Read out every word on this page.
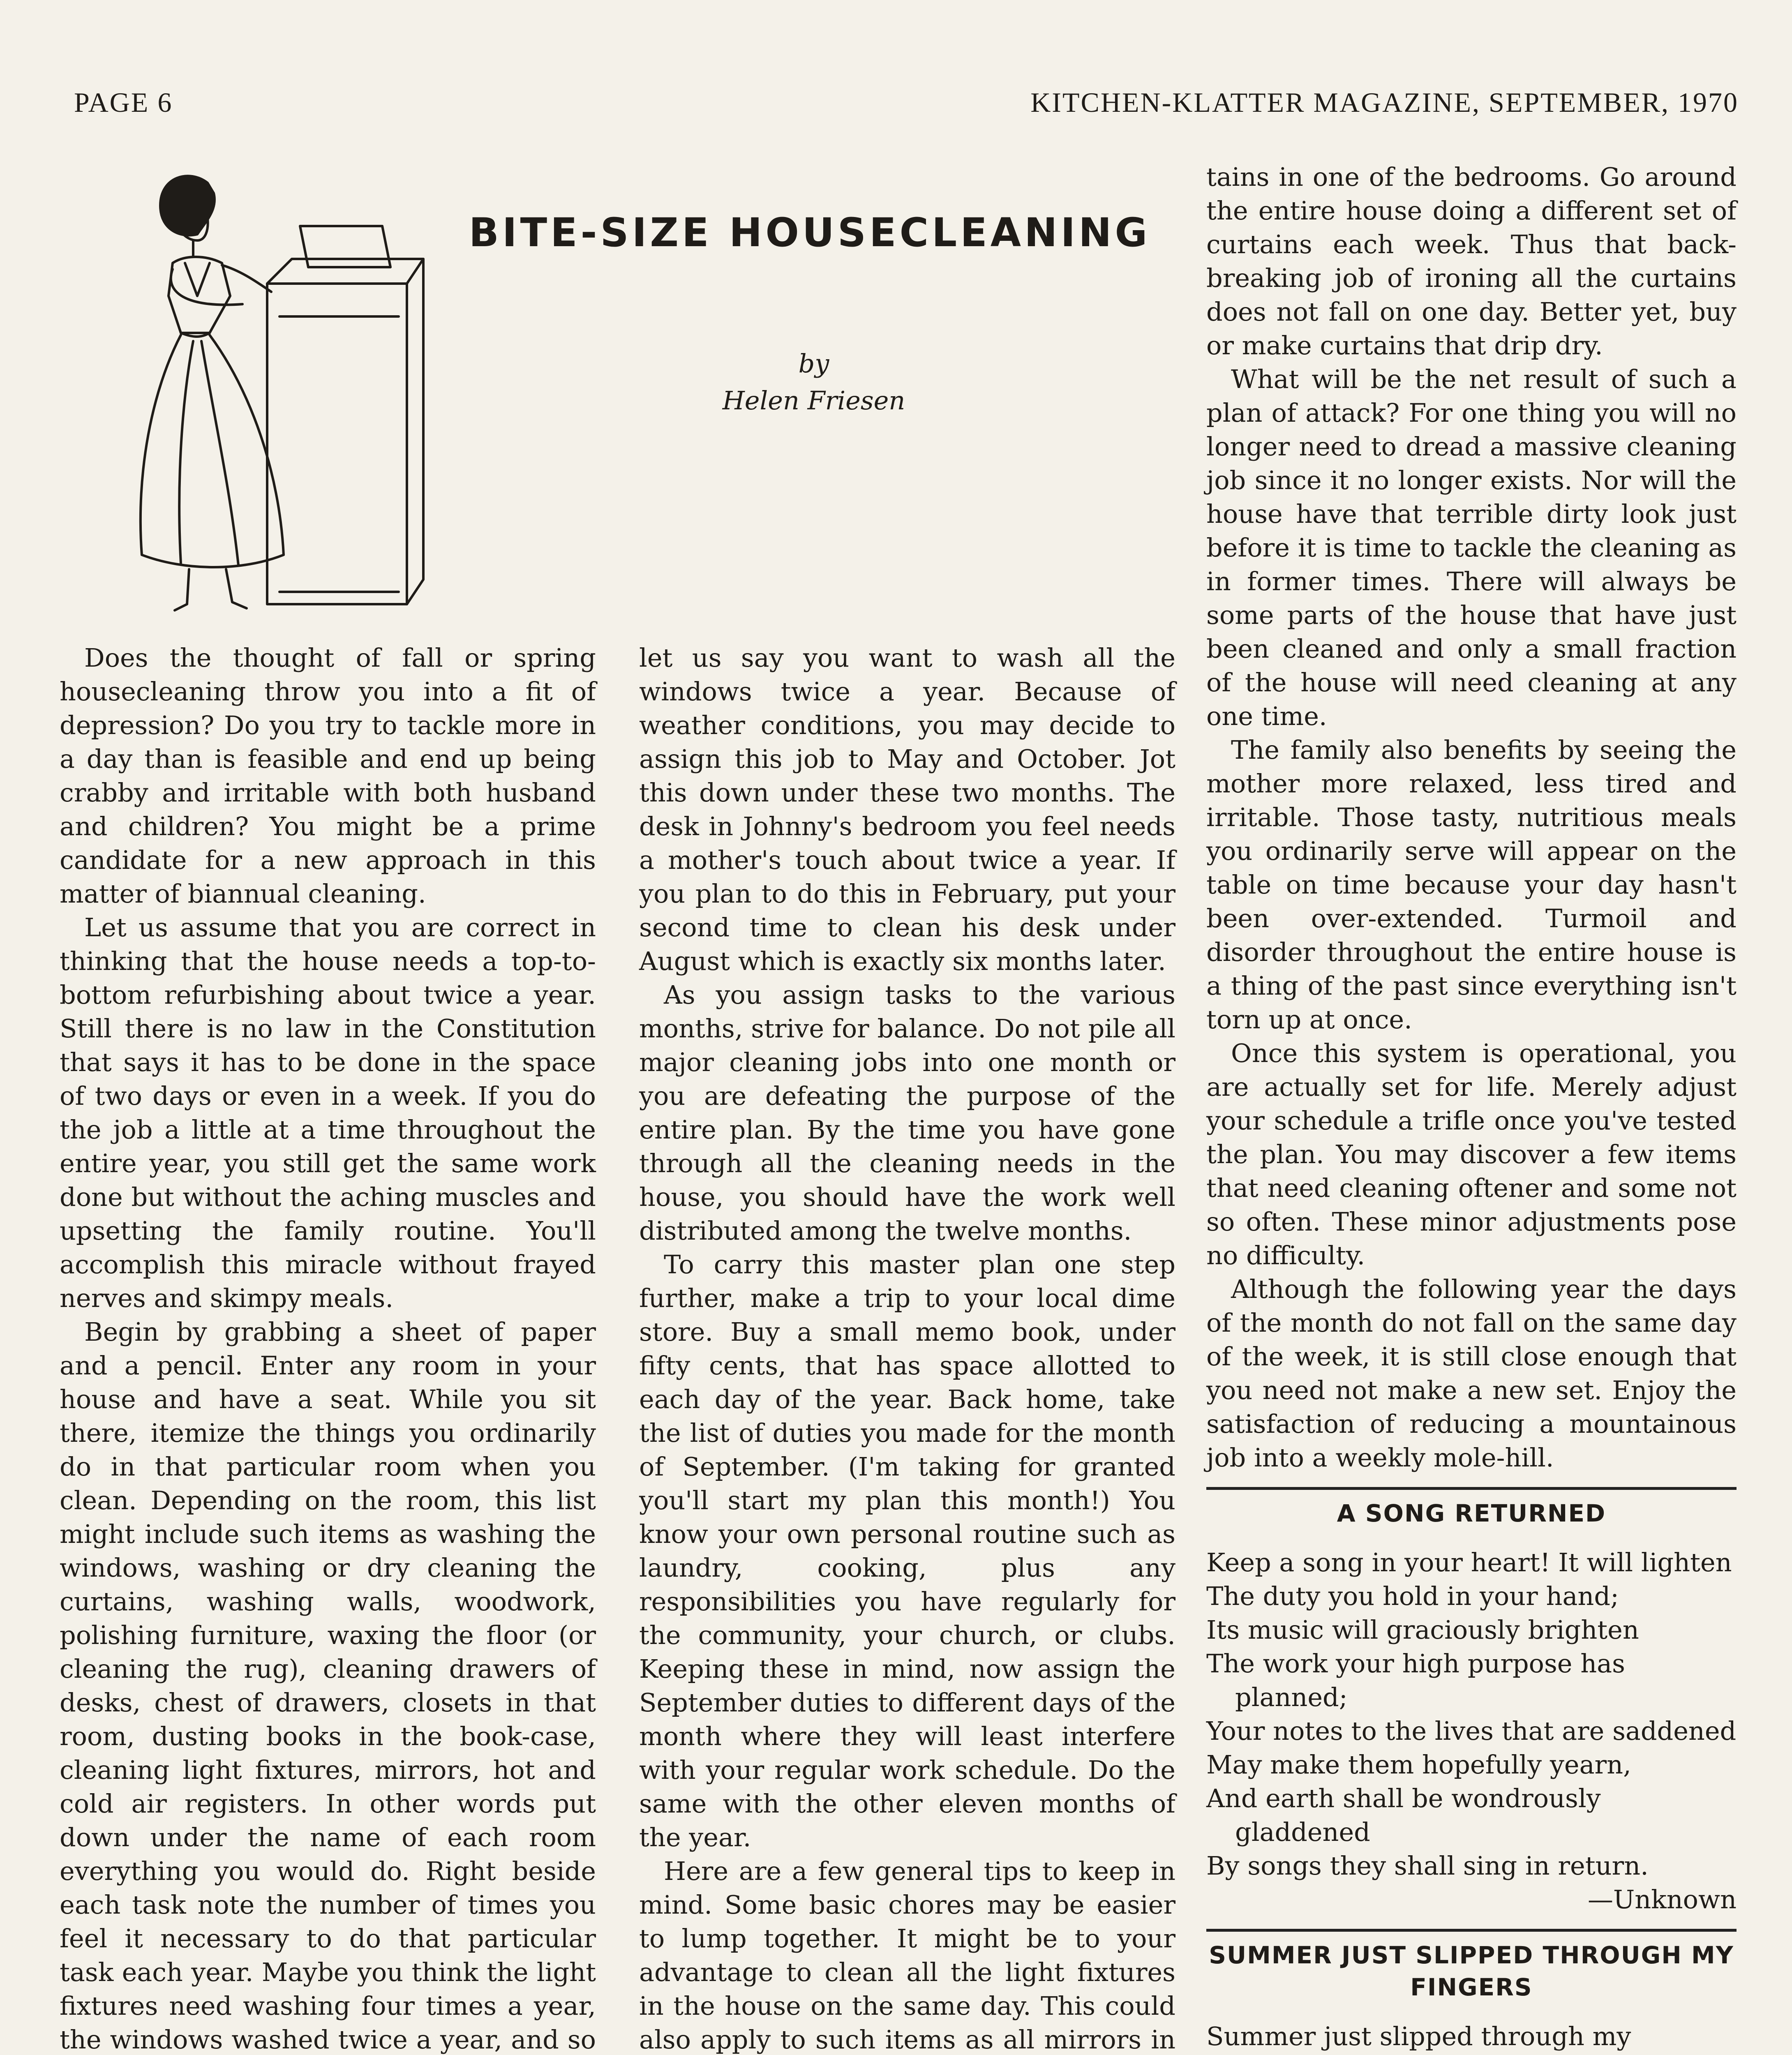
PAGE 6	KITCHEN-KLATTER MAGAZINE, SEPTEMBER, 1970
BITE-SIZE HOUSECLEANING
by
Helen Friesen

Does the thought of fall or spring housecleaning throw you into a fit of depression? Do you try to tackle more in a day than is feasible and end up being crabby and irritable with both husband and children? You might be a prime candidate for a new approach in this matter of biannual cleaning.

Let us assume that you are correct in thinking that the house needs a top-to-bottom refurbishing about twice a year. Still there is no law in the Constitution that says it has to be done in the space of two days or even in a week. If you do the job a little at a time throughout the entire year, you still get the same work done but without the aching muscles and upsetting the family routine. You'll accomplish this miracle without frayed nerves and skimpy meals.

Begin by grabbing a sheet of paper and a pencil. Enter any room in your house and have a seat. While you sit there, itemize the things you ordinarily do in that particular room when you clean. Depending on the room, this list might include such items as washing the windows, washing or dry cleaning the curtains, washing walls, woodwork, polishing furniture, waxing the floor (or cleaning the rug), cleaning drawers of desks, chest of drawers, closets in that room, dusting books in the book-case, cleaning light fixtures, mirrors, hot and cold air registers. In other words put down under the name of each room everything you would do. Right beside each task note the number of times you feel it necessary to do that particular task each year. Maybe you think the light fixtures need washing four times a year, the windows washed twice a year, and so

let us say you want to wash all the windows twice a year. Because of weather conditions, you may decide to assign this job to May and October. Jot this down under these two months. The desk in Johnny's bedroom you feel needs a mother's touch about twice a year. If you plan to do this in February, put your second time to clean his desk under August which is exactly six months later.

As you assign tasks to the various months, strive for balance. Do not pile all major cleaning jobs into one month or you are defeating the purpose of the entire plan. By the time you have gone through all the cleaning needs in the house, you should have the work well distributed among the twelve months.

To carry this master plan one step further, make a trip to your local dime store. Buy a small memo book, under fifty cents, that has space allotted to each day of the year. Back home, take the list of duties you made for the month of September. (I'm taking for granted you'll start my plan this month!) You know your own personal routine such as laundry, cooking, plus any responsibilities you have regularly for the community, your church, or clubs. Keeping these in mind, now assign the September duties to different days of the month where they will least interfere with your regular work schedule. Do the same with the other eleven months of the year.

Here are a few general tips to keep in mind. Some basic chores may be easier to lump together. It might be to your advantage to clean all the light fixtures in the house on the same day. This could also apply to such items as all mirrors in

tains in one of the bedrooms. Go around the entire house doing a different set of curtains each week. Thus that back-breaking job of ironing all the curtains does not fall on one day. Better yet, buy or make curtains that drip dry.

What will be the net result of such a plan of attack? For one thing you will no longer need to dread a massive cleaning job since it no longer exists. Nor will the house have that terrible dirty look just before it is time to tackle the cleaning as in former times. There will always be some parts of the house that have just been cleaned and only a small fraction of the house will need cleaning at any one time.

The family also benefits by seeing the mother more relaxed, less tired and irritable. Those tasty, nutritious meals you ordinarily serve will appear on the table on time because your day hasn't been over-extended. Turmoil and disorder throughout the entire house is a thing of the past since everything isn't torn up at once.

Once this system is operational, you are actually set for life. Merely adjust your schedule a trifle once you've tested the plan. You may discover a few items that need cleaning oftener and some not so often. These minor adjustments pose no difficulty.

Although the following year the days of the month do not fall on the same day of the week, it is still close enough that you need not make a new set. Enjoy the satisfaction of reducing a mountainous job into a weekly mole-hill.

A SONG RETURNED
Keep a song in your heart! It will lighten
The duty you hold in your hand;
Its music will graciously brighten
The work your high purpose has planned;
Your notes to the lives that are saddened
May make them hopefully yearn,
And earth shall be wondrously gladdened
By songs they shall sing in return.
—Unknown
SUMMER JUST SLIPPED THROUGH MY FINGERS
Summer just slipped through my
